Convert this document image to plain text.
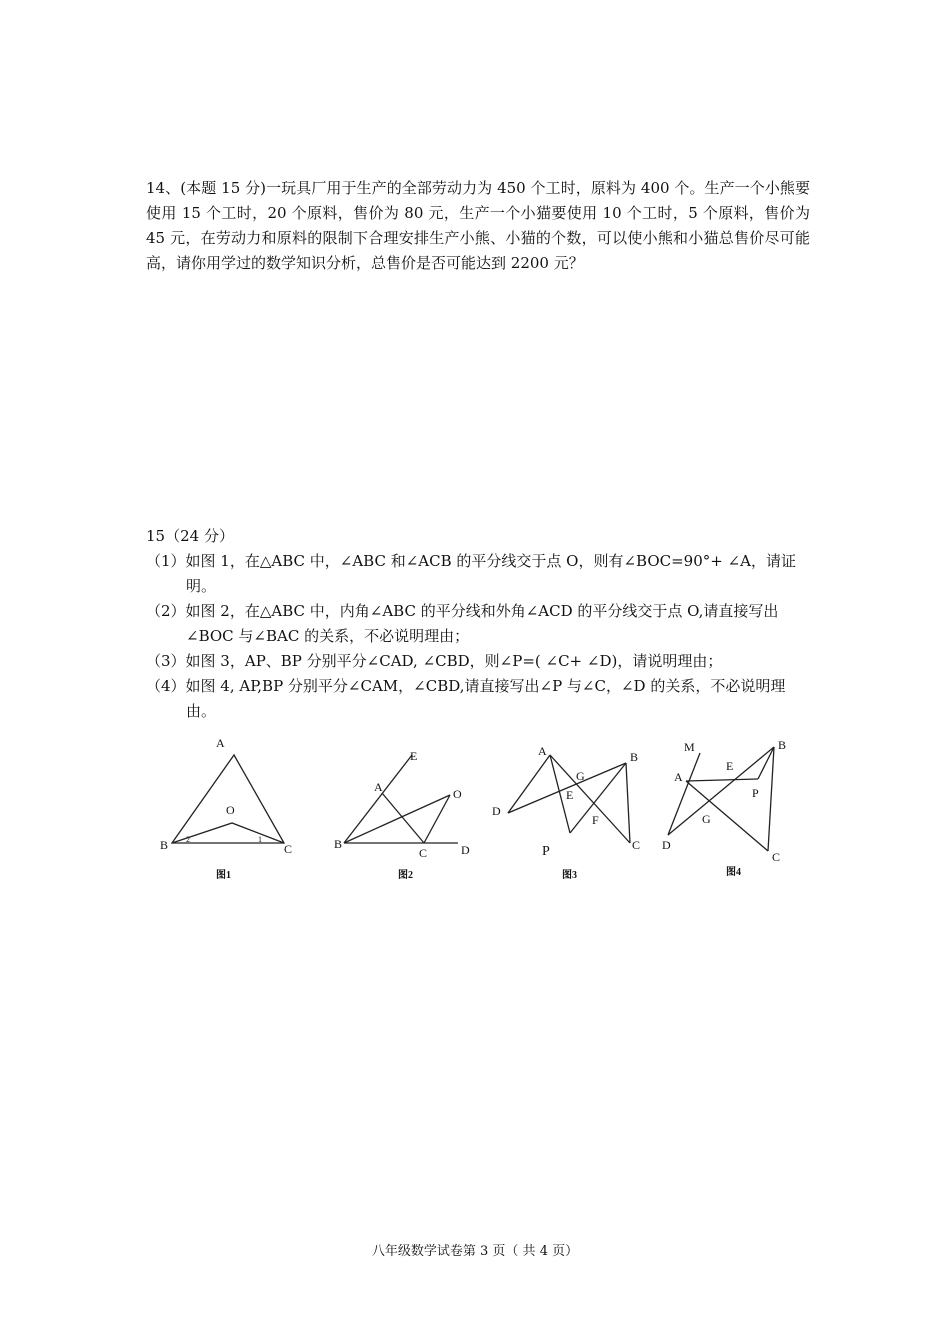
14、(本题 15 分)一玩具厂用于生产的全部劳动力为 450 个工时，原料为 400 个。生产一个小熊要使用 15 个工时，20 个原料，售价为 80 元，生产一个小猫要使用 10 个工时，5 个原料，售价为 45 元，在劳动力和原料的限制下合理安排生产小熊、小猫的个数，可以使小熊和小猫总售价尽可能高，请你用学过的数学知识分析，总售价是否可能达到 2200 元？
15（24 分）
（1）如图 1，在△ABC 中，∠ABC 和∠ACB 的平分线交于点 O，则有∠BOC=90°+ ∠A，请证
明。
（2）如图 2，在△ABC 中，内角∠ABC 的平分线和外角∠ACD 的平分线交于点 O,请直接写出
∠BOC 与∠BAC 的关系，不必说明理由；
（3）如图 3，AP、BP 分别平分∠CAD, ∠CBD，则∠P=( ∠C+ ∠D)，请说明理由；
（4）如图 4, AP,BP 分别平分∠CAM，∠CBD,请直接写出∠P 与∠C，∠D 的关系，不必说明理
由。
A
B	C
O
2	1
图1
E
A	O
B
C	D
图2
A	B
G
E
D
F
C
P
图3
M	B
A
E
P
G
D
C
图4
八年级数学试卷第 3 页（ 共 4 页）
